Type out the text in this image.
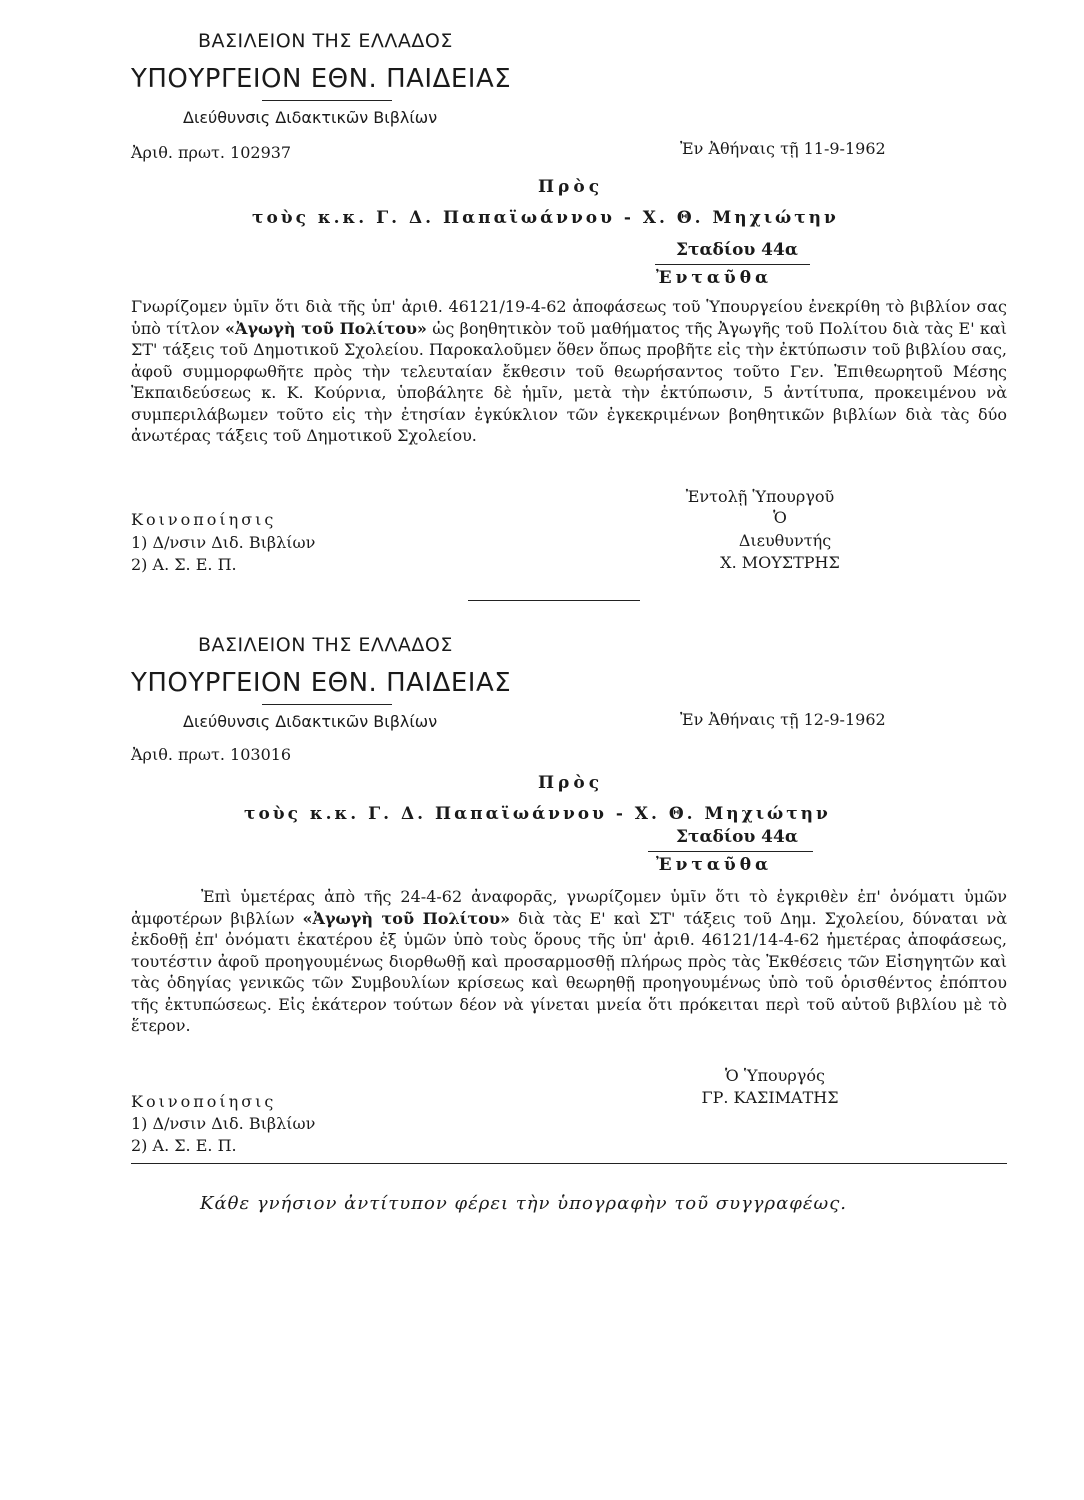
ΒΑΣΙΛΕΙΟΝ ΤΗΣ ΕΛΛΑΔΟΣ
ΥΠΟΥΡΓΕΙΟΝ ΕΘΝ. ΠΑΙΔΕΙΑΣ
Διεύθυνσις Διδακτικῶν Βιβλίων
Ἀριθ. πρωτ. 102937	Ἐν Ἀθήναις τῇ 11-9-1962
Πρὸς
τοὺς κ.κ. Γ. Δ. Παπαϊωάννου - Χ. Θ. Μηχιώτην
Σταδίου 44α
Ἐνταῦθα
Γνωρίζομεν ὑμῖν ὅτι διὰ τῆς ὑπ' ἀριθ. 46121/19-4-62 ἀποφάσεως τοῦ Ὑπουργείου ἐνεκρίθη τὸ βιβλίον σας ὑπὸ τίτλον «Ἀγωγὴ τοῦ Πολίτου» ὡς βοηθητικὸν τοῦ μαθήματος τῆς Ἀγωγῆς τοῦ Πολίτου διὰ τὰς Ε' καὶ ΣΤ' τάξεις τοῦ Δημοτικοῦ Σχολείου. Παροκαλοῦμεν ὅθεν ὅπως προβῆτε εἰς τὴν ἐκτύπωσιν τοῦ βιβλίου σας, ἀφοῦ συμμορφωθῆτε πρὸς τὴν τελευταίαν ἔκθεσιν τοῦ θεωρήσαντος τοῦτο Γεν. Ἐπιθεωρητοῦ Μέσης Ἐκπαιδεύσεως κ. Κ. Κούρνια, ὑποβάλητε δὲ ἡμῖν, μετὰ τὴν ἐκτύπωσιν, 5 ἀντίτυπα, προκειμένου νὰ συμπεριλάβωμεν τοῦτο εἰς τὴν ἐτησίαν ἐγκύκλιον τῶν ἐγκεκριμένων βοηθητικῶν βιβλίων διὰ τὰς δύο ἀνωτέρας τάξεις τοῦ Δημοτικοῦ Σχολείου.
Κοινοποίησις
1) Δ/νσιν Διδ. Βιβλίων
2) Α. Σ. Ε. Π.
Ἐντολῇ Ὑπουργοῦ
Ὁ
Διευθυντής
Χ. ΜΟΥΣΤΡΗΣ
ΒΑΣΙΛΕΙΟΝ ΤΗΣ ΕΛΛΑΔΟΣ
ΥΠΟΥΡΓΕΙΟΝ ΕΘΝ. ΠΑΙΔΕΙΑΣ
Διεύθυνσις Διδακτικῶν Βιβλίων	Ἐν Ἀθήναις τῇ 12-9-1962
Ἀριθ. πρωτ. 103016
Πρὸς
τοὺς κ.κ. Γ. Δ. Παπαϊωάννου - Χ. Θ. Μηχιώτην
Σταδίου 44α
Ἐνταῦθα
Ἐπὶ ὑμετέρας ἀπὸ τῆς 24-4-62 ἀναφορᾶς, γνωρίζομεν ὑμῖν ὅτι τὸ ἐγκριθὲν ἐπ' ὀνόματι ὑμῶν ἀμφοτέρων βιβλίων «Ἀγωγὴ τοῦ Πολίτου» διὰ τὰς Ε' καὶ ΣΤ' τάξεις τοῦ Δημ. Σχολείου, δύναται νὰ ἐκδοθῇ ἐπ' ὀνόματι ἑκατέρου ἐξ ὑμῶν ὑπὸ τοὺς ὅρους τῆς ὑπ' ἀριθ. 46121/14-4-62 ἡμετέρας ἀποφάσεως, τουτέστιν ἀφοῦ προηγουμένως διορθωθῇ καὶ προσαρμοσθῇ πλήρως πρὸς τὰς Ἐκθέσεις τῶν Εἰσηγητῶν καὶ τὰς ὁδηγίας γενικῶς τῶν Συμβουλίων κρίσεως καὶ θεωρηθῇ προηγουμένως ὑπὸ τοῦ ὁρισθέντος ἐπόπτου τῆς ἐκτυπώσεως. Εἰς ἑκάτερον τούτων δέον νὰ γίνεται μνεία ὅτι πρόκειται περὶ τοῦ αὐτοῦ βιβλίου μὲ τὸ ἕτερον.
Κοινοποίησις
1) Δ/νσιν Διδ. Βιβλίων
2) Α. Σ. Ε. Π.
Ὁ Ὑπουργός
ΓΡ. ΚΑΣΙΜΑΤΗΣ
Κάθε γνήσιον ἀντίτυπον φέρει τὴν ὑπογραφὴν τοῦ συγγραφέως.
